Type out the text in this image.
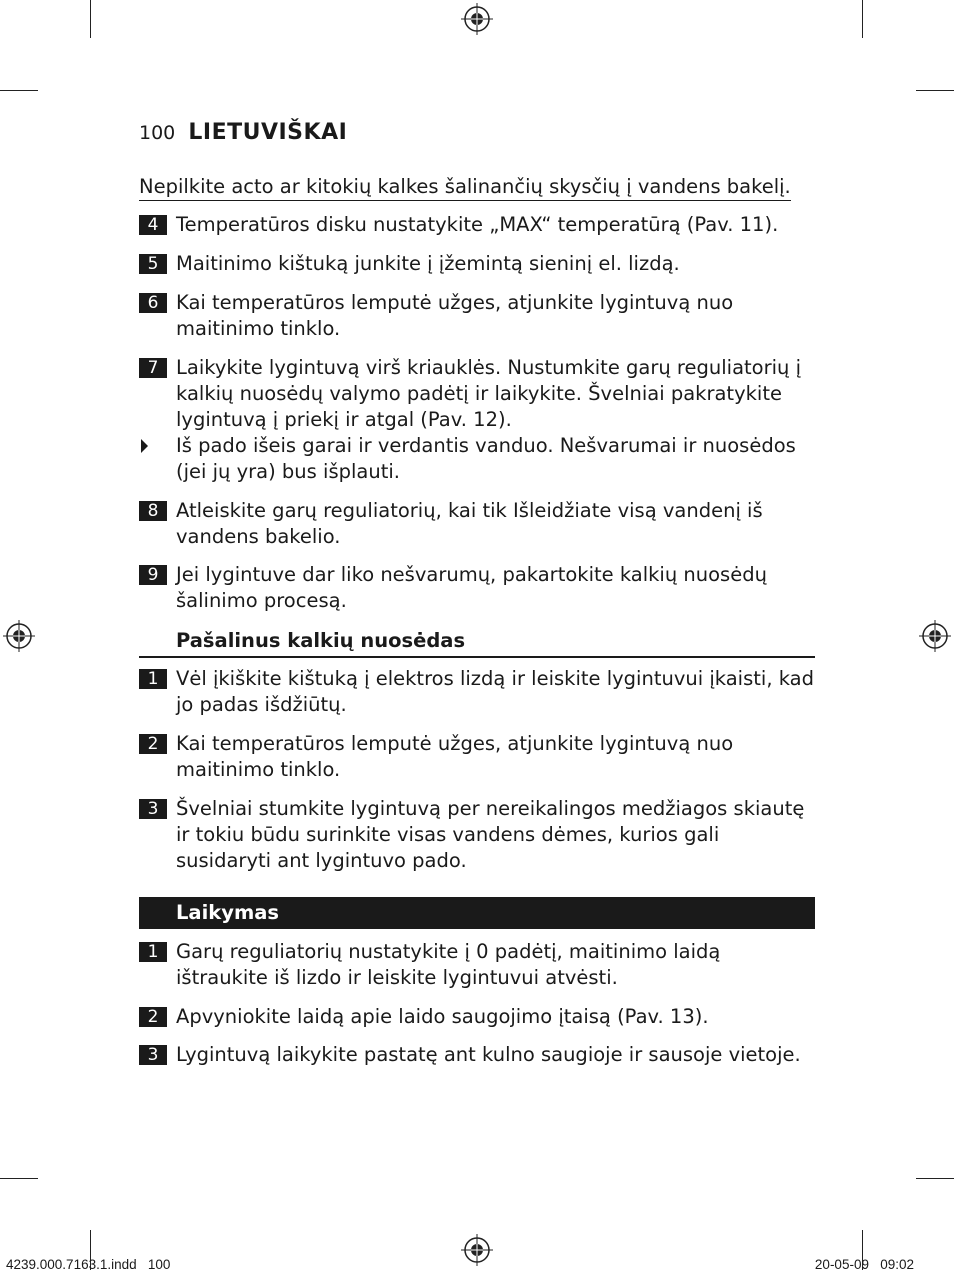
100 LIETUVIŠKAI
Nepilkite acto ar kitokių kalkes šalinančių skysčių į vandens bakelį.
4 Temperatūros disku nustatykite „MAX“ temperatūrą (Pav. 11).
5 Maitinimo kištuką junkite į įžemintą sieninį el. lizdą.
6 Kai temperatūros lemputė užges, atjunkite lygintuvą nuo maitinimo tinklo.
7 Laikykite lygintuvą virš kriauklės. Nustumkite garų reguliatorių į kalkių nuosėdų valymo padėtį ir laikykite. Švelniai pakratykite lygintuvą į priekį ir atgal (Pav. 12).
Iš pado išeis garai ir verdantis vanduo. Nešvarumai ir nuosėdos (jei jų yra) bus išplauti.
8 Atleiskite garų reguliatorių, kai tik Išleidžiate visą vandenį iš vandens bakelio.
9 Jei lygintuve dar liko nešvarumų, pakartokite kalkių nuosėdų šalinimo procesą.
Pašalinus kalkių nuosėdas
1 Vėl įkiškite kištuką į elektros lizdą ir leiskite lygintuvui įkaisti, kad jo padas išdžiūtų.
2 Kai temperatūros lemputė užges, atjunkite lygintuvą nuo maitinimo tinklo.
3 Švelniai stumkite lygintuvą per nereikalingos medžiagos skiautę ir tokiu būdu surinkite visas vandens dėmes, kurios gali susidaryti ant lygintuvo pado.
Laikymas
1 Garų reguliatorių nustatykite į 0 padėtį, maitinimo laidą ištraukite iš lizdo ir leiskite lygintuvui atvėsti.
2 Apvyniokite laidą apie laido saugojimo įtaisą (Pav. 13).
3 Lygintuvą laikykite pastatę ant kulno saugioje ir sausoje vietoje.
4239.000.7163.1.indd   100	20-05-09   09:02
